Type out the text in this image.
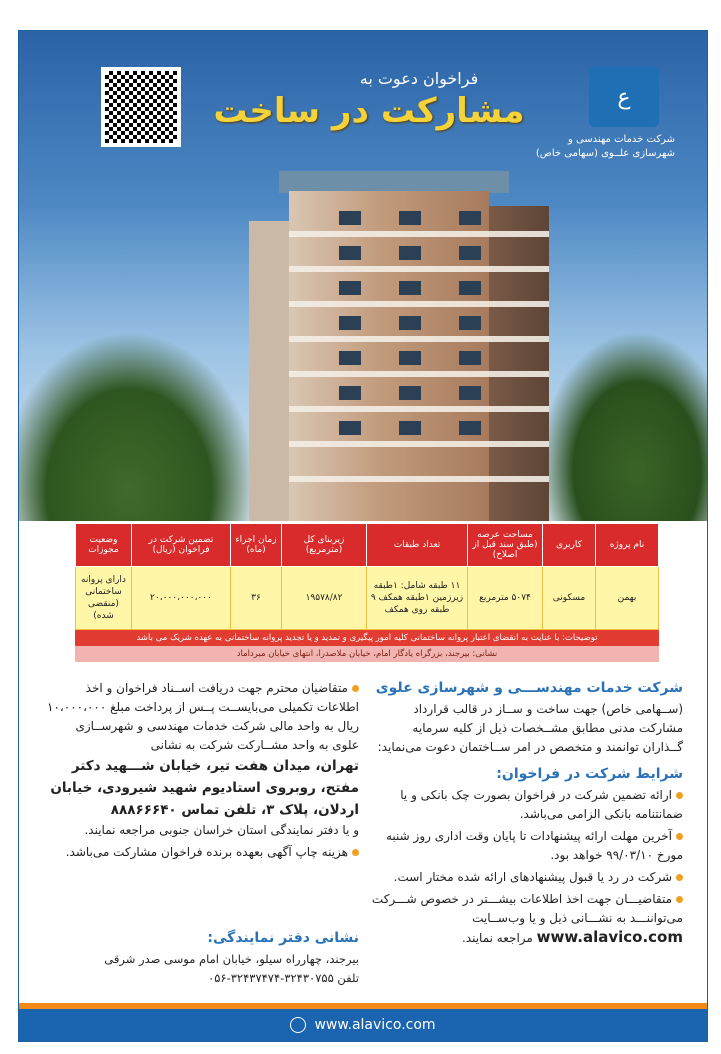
فراخوان دعوت به
مشارکت در ساخت	ع
شرکت خدمات مهندسی و
شهرسازی علــوی (سهامی خاص)
نام پروژه	کاربری	مساحت عرصه (طبق سند قبل از اصلاح)	تعداد طبقات	زیربنای کل (مترمربع)	زمان اجراء (ماه)	تضمین شرکت در فراخوان (ریال)	وضعیت مجوزات
بهمن	مسکونی	۵۰۷۴ مترمربع	۱۱ طبقه شامل: ۱طبقه زیرزمین ۱طبقه همکف ۹ طبقه روی همکف	۱۹۵۷۸/۸۲	۳۶	۲۰،۰۰۰،۰۰۰،۰۰۰	دارای پروانه ساختمانی (منقضی شده)
توضیحات: با عنایت به انقضای اعتبار پروانه ساختمانی کلیه امور پیگیری و تمدید و یا تجدید پروانه ساختمانی به عهده شریک می باشد
نشانی: بیرجند، بزرگراه یادگار امام، خیابان ملاصدرا، انتهای خیابان میرداماد
شرکت خدمات مهندســـی و شهرسازی علوی
(ســهامی خاص) جهت ساخت و ســاز در قالب قرارداد مشارکت مدنی مطابق مشــخصات ذیل از کلیه سرمایه گــذاران توانمند و متخصص در امر ســاختمان دعوت می‌نماید:
شرایط شرکت در فراخوان:
ارائه تضمین شرکت در فراخوان بصورت چک بانکی و یا ضمانتنامه بانکی الزامی می‌باشد.
آخرین مهلت ارائه پیشنهادات تا پایان وقت اداری روز شنبه مورخ ۹۹/۰۳/۱۰ خواهد بود.
شرکت در رد یا قبول پیشنهادهای ارائه شده مختار است.
متقاضیـــان جهت اخذ اطلاعات بیشـــتر در خصوص شـــرکت می‌تواننـــد به نشـــانی ذیل و یا وب‌ســایت www.alavico.com مراجعه نمایند.
متقاضیان محترم جهت دریافت اســناد فراخوان و اخذ اطلاعات تکمیلی می‌بایســت پــس از پرداخت مبلغ ۱۰،۰۰۰،۰۰۰ ریال به واحد مالی شرکت خدمات مهندسی و شهرســازی علوی به واحد مشــارکت شرکت به نشانی
تهران، میدان هفت تیر، خیابان شـــهید دکتر مفتح، روبروی استادیوم شهید شیرودی، خیابان اردلان، پلاک ۳، تلفن تماس ۸۸۸۶۶۶۴۰
و یا دفتر نمایندگی استان خراسان جنوبی مراجعه نمایند.
هزینه چاپ آگهی بعهده برنده فراخوان مشارکت می‌باشد.
نشانی دفتر نمایندگی:
بیرجند، چهارراه سیلو، خیابان امام موسی صدر شرقی
تلفن ۳۲۴۳۰۷۵۵-۳۲۴۳۷۴۷۴-۰۵۶
www.alavico.com
